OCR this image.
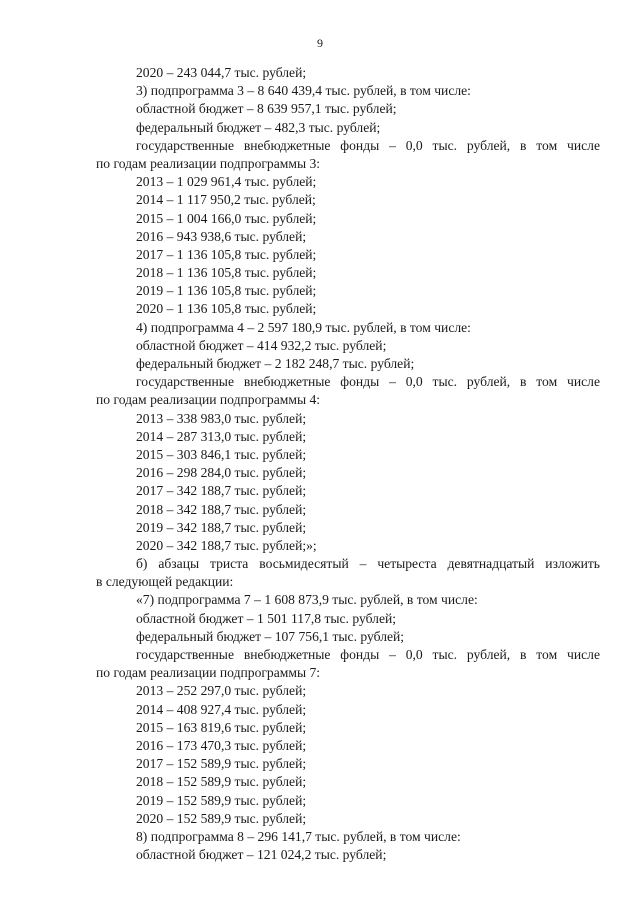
9
2020 – 243 044,7 тыс. рублей;
3) подпрограмма 3 – 8 640 439,4 тыс. рублей, в том числе:
областной бюджет – 8 639 957,1 тыс. рублей;
федеральный бюджет – 482,3 тыс. рублей;
государственные внебюджетные фонды – 0,0 тыс. рублей, в том числе
по годам реализации подпрограммы 3:
2013 – 1 029 961,4 тыс. рублей;
2014 – 1 117 950,2 тыс. рублей;
2015 – 1 004 166,0 тыс. рублей;
2016 – 943 938,6 тыс. рублей;
2017 – 1 136 105,8 тыс. рублей;
2018 – 1 136 105,8 тыс. рублей;
2019 – 1 136 105,8 тыс. рублей;
2020 – 1 136 105,8 тыс. рублей;
4) подпрограмма 4 – 2 597 180,9 тыс. рублей, в том числе:
областной бюджет – 414 932,2 тыс. рублей;
федеральный бюджет – 2 182 248,7 тыс. рублей;
государственные внебюджетные фонды – 0,0 тыс. рублей, в том числе
по годам реализации подпрограммы 4:
2013 – 338 983,0 тыс. рублей;
2014 – 287 313,0 тыс. рублей;
2015 – 303 846,1 тыс. рублей;
2016 – 298 284,0 тыс. рублей;
2017 – 342 188,7 тыс. рублей;
2018 – 342 188,7 тыс. рублей;
2019 – 342 188,7 тыс. рублей;
2020 – 342 188,7 тыс. рублей;»;
б) абзацы триста восьмидесятый – четыреста девятнадцатый изложить
в следующей редакции:
«7) подпрограмма 7 – 1 608 873,9 тыс. рублей, в том числе:
областной бюджет – 1 501 117,8 тыс. рублей;
федеральный бюджет – 107 756,1 тыс. рублей;
государственные внебюджетные фонды – 0,0 тыс. рублей, в том числе
по годам реализации подпрограммы 7:
2013 – 252 297,0 тыс. рублей;
2014 – 408 927,4 тыс. рублей;
2015 – 163 819,6 тыс. рублей;
2016 – 173 470,3 тыс. рублей;
2017 – 152 589,9 тыс. рублей;
2018 – 152 589,9 тыс. рублей;
2019 – 152 589,9 тыс. рублей;
2020 – 152 589,9 тыс. рублей;
8) подпрограмма 8 – 296 141,7 тыс. рублей, в том числе:
областной бюджет – 121 024,2 тыс. рублей;
